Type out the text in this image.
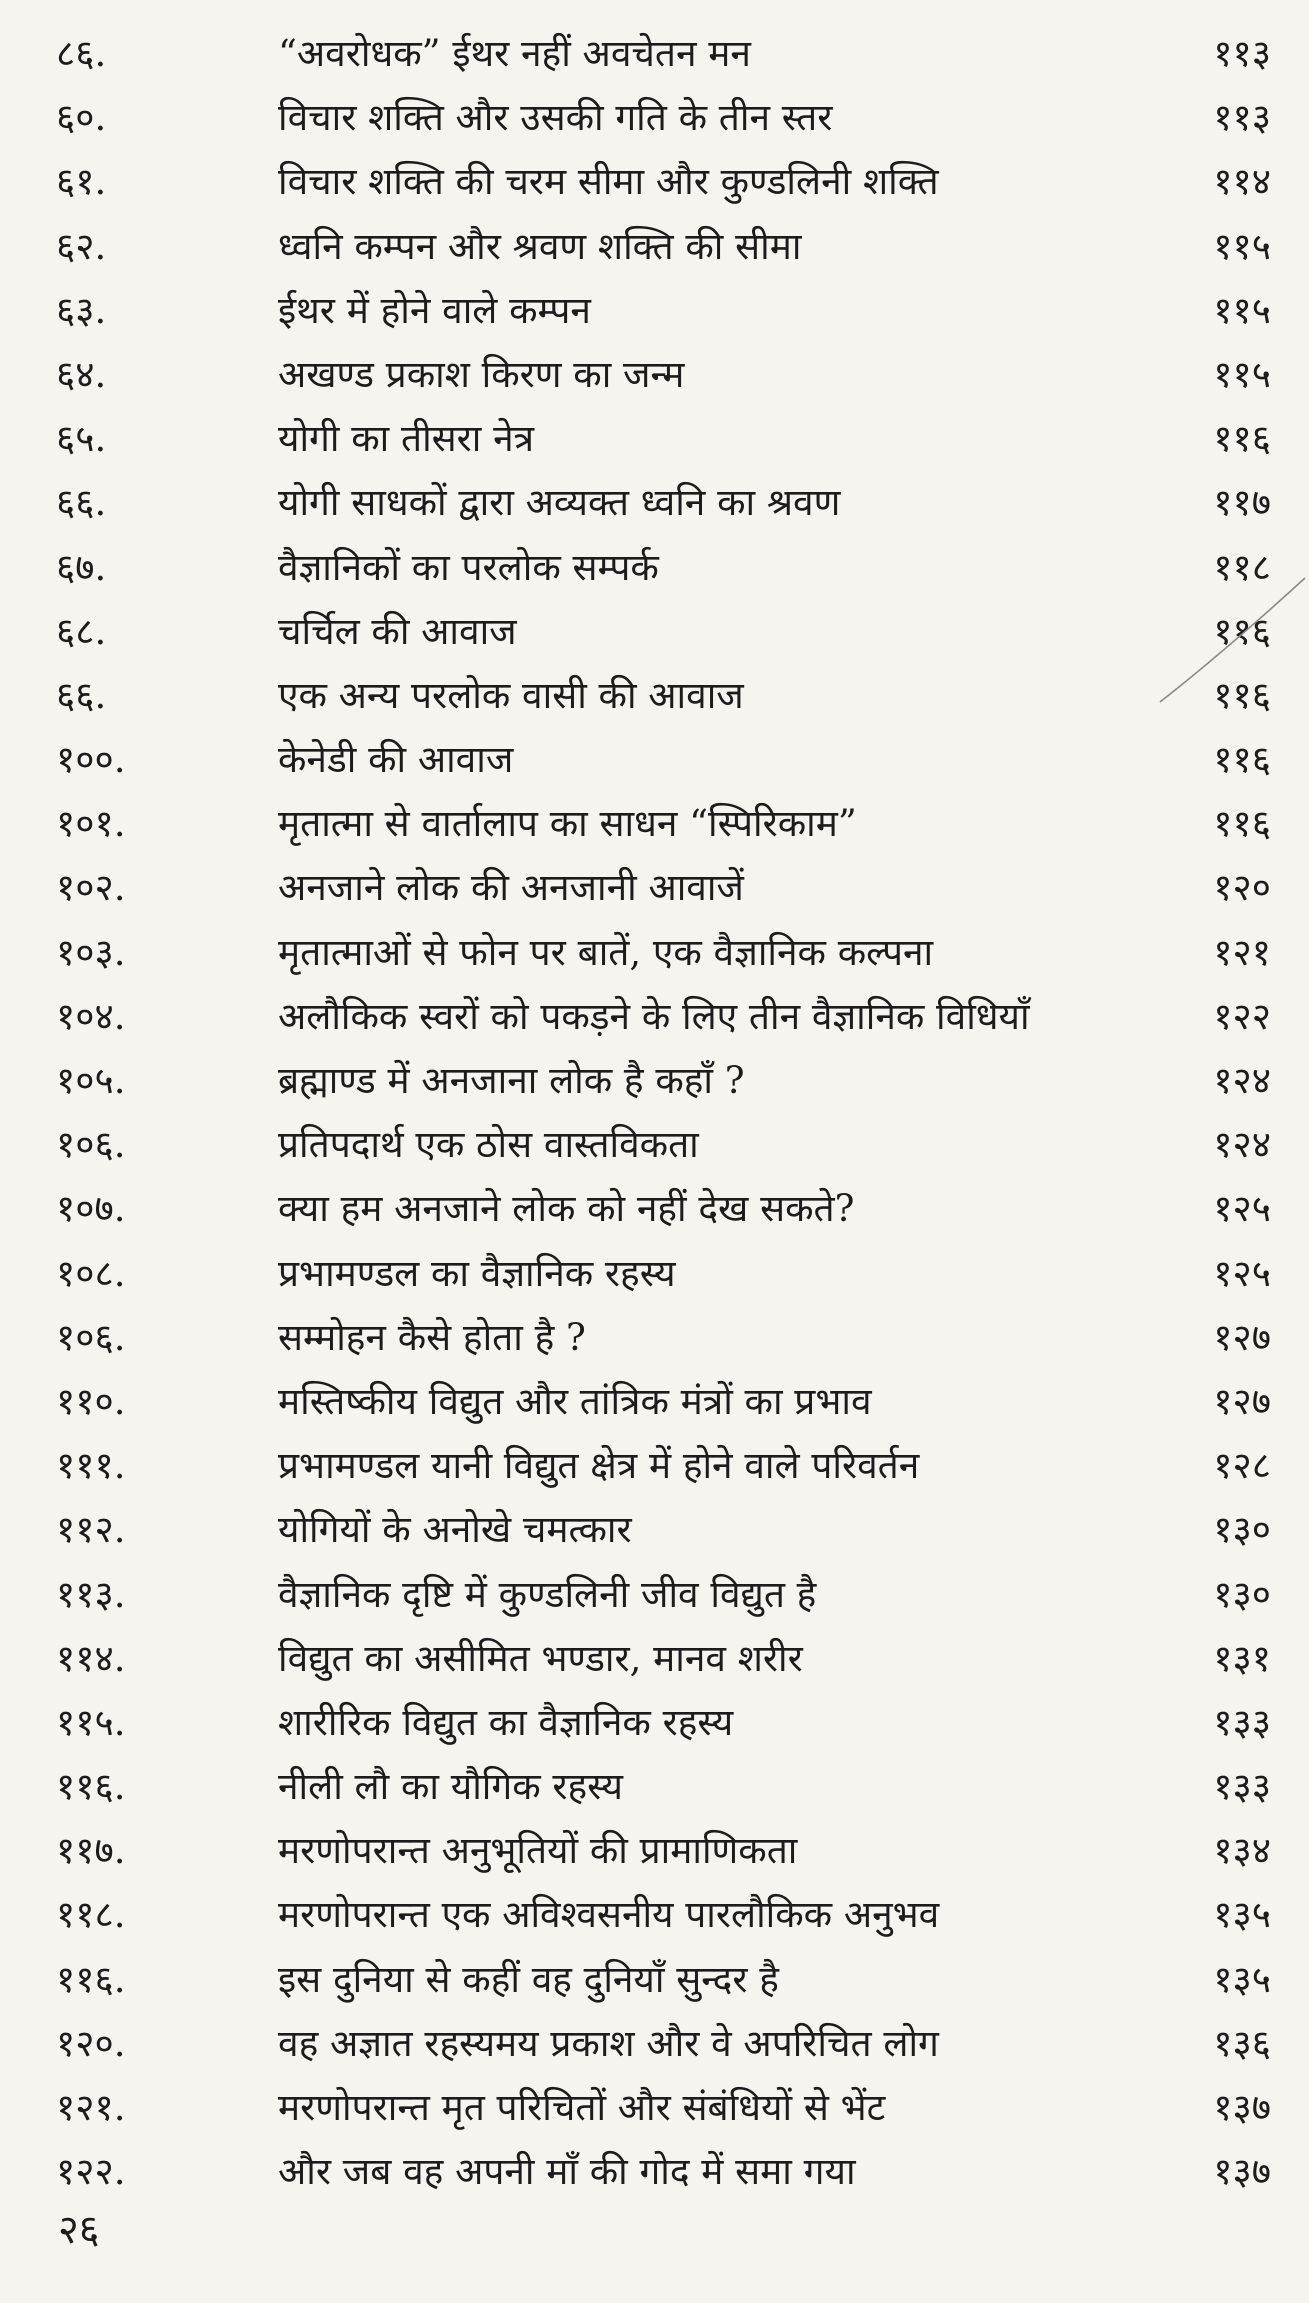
८६.	“अवरोधक” ईथर नहीं अवचेतन मन	११३
६०.	विचार शक्ति और उसकी गति के तीन स्तर	११३
६१.	विचार शक्ति की चरम सीमा और कुण्डलिनी शक्ति	११४
६२.	ध्वनि कम्पन और श्रवण शक्ति की सीमा	११५
६३.	ईथर में होने वाले कम्पन	११५
६४.	अखण्ड प्रकाश किरण का जन्म	११५
६५.	योगी का तीसरा नेत्र	११६
६६.	योगी साधकों द्वारा अव्यक्त ध्वनि का श्रवण	११७
६७.	वैज्ञानिकों का परलोक सम्पर्क	११८
६८.	चर्चिल की आवाज	११६
६६.	एक अन्य परलोक वासी की आवाज	११६
१००.	केनेडी की आवाज	११६
१०१.	मृतात्मा से वार्तालाप का साधन “स्पिरिकाम”	११६
१०२.	अनजाने लोक की अनजानी आवाजें	१२०
१०३.	मृतात्माओं से फोन पर बातें, एक वैज्ञानिक कल्पना	१२१
१०४.	अलौकिक स्वरों को पकड़ने के लिए तीन वैज्ञानिक विधियाँ	१२२
१०५.	ब्रह्माण्ड में अनजाना लोक है कहाँ ?	१२४
१०६.	प्रतिपदार्थ एक ठोस वास्तविकता	१२४
१०७.	क्या हम अनजाने लोक को नहीं देख सकते?	१२५
१०८.	प्रभामण्डल का वैज्ञानिक रहस्य	१२५
१०६.	सम्मोहन कैसे होता है ?	१२७
११०.	मस्तिष्कीय विद्युत और तांत्रिक मंत्रों का प्रभाव	१२७
१११.	प्रभामण्डल यानी विद्युत क्षेत्र में होने वाले परिवर्तन	१२८
११२.	योगियों के अनोखे चमत्कार	१३०
११३.	वैज्ञानिक दृष्टि में कुण्डलिनी जीव विद्युत है	१३०
११४.	विद्युत का असीमित भण्डार, मानव शरीर	१३१
११५.	शारीरिक विद्युत का वैज्ञानिक रहस्य	१३३
११६.	नीली लौ का यौगिक रहस्य	१३३
११७.	मरणोपरान्त अनुभूतियों की प्रामाणिकता	१३४
११८.	मरणोपरान्त एक अविश्वसनीय पारलौकिक अनुभव	१३५
११६.	इस दुनिया से कहीं वह दुनियाँ सुन्दर है	१३५
१२०.	वह अज्ञात रहस्यमय प्रकाश और वे अपरिचित लोग	१३६
१२१.	मरणोपरान्त मृत परिचितों और संबंधियों से भेंट	१३७
१२२.	और जब वह अपनी माँ की गोद में समा गया	१३७
२६
